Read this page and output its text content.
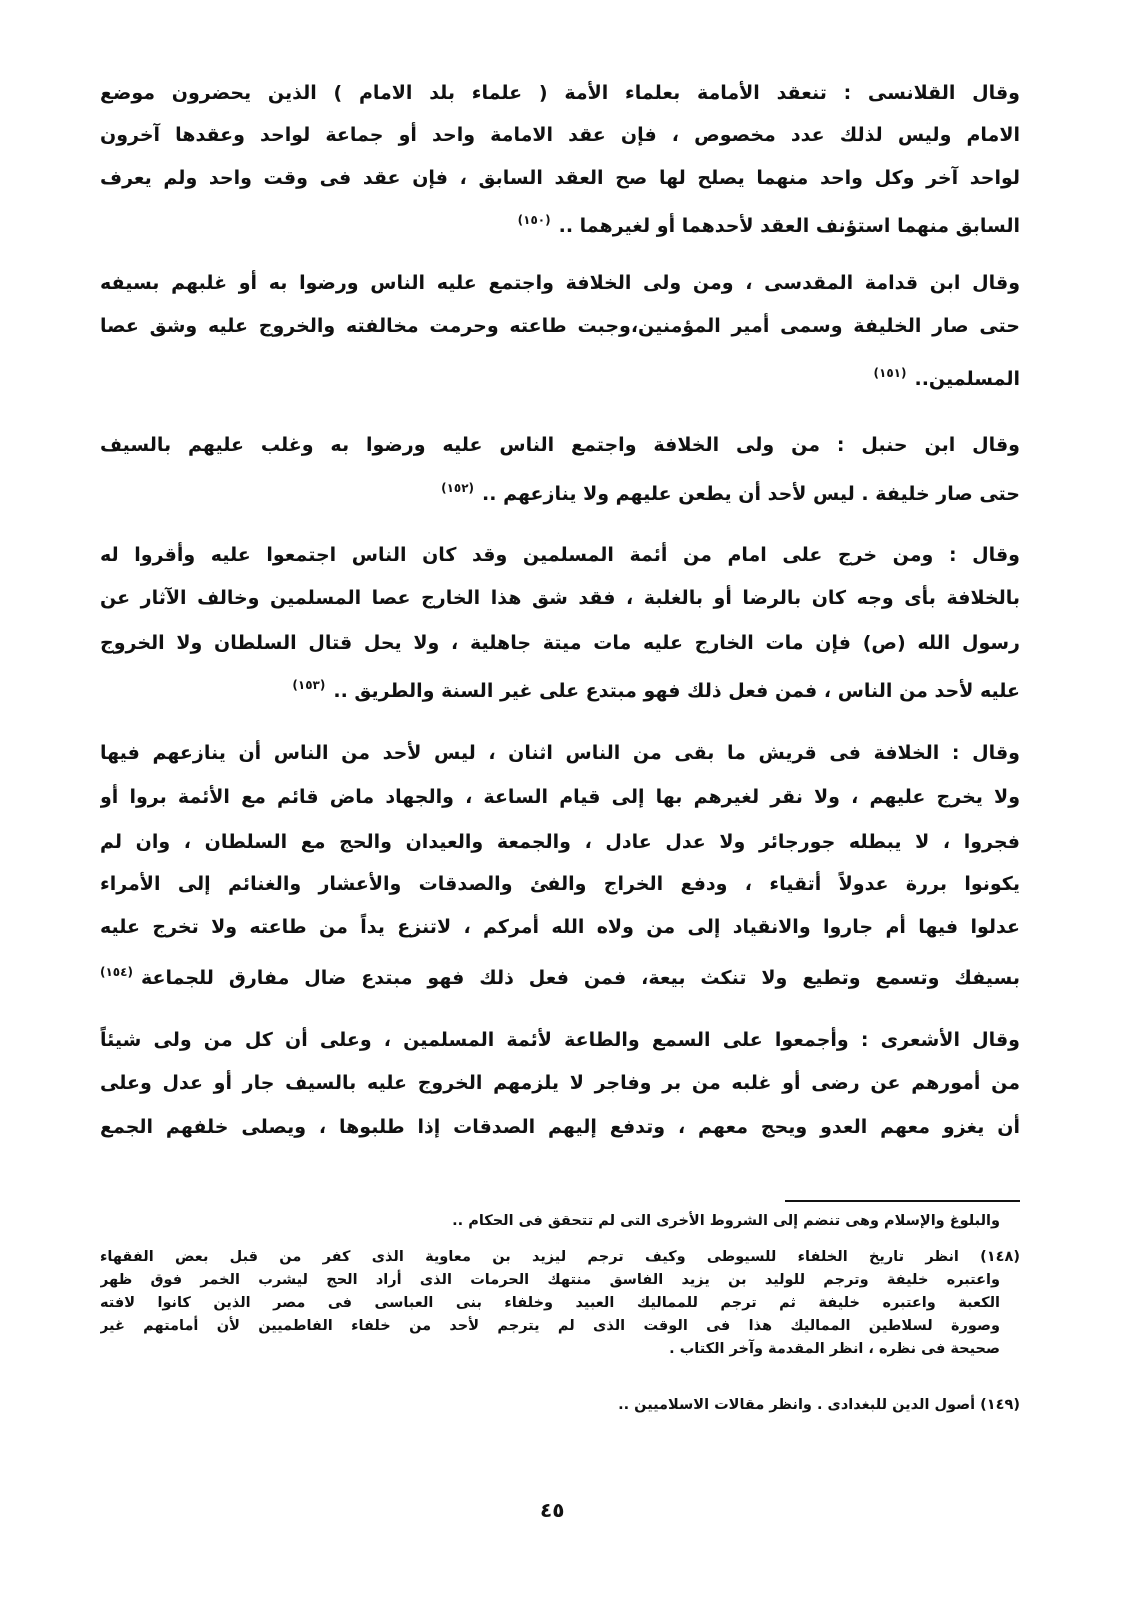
وقال القلانسى : تنعقد الأمامة بعلماء الأمة ( علماء بلد الامام ) الذين يحضرون موضع
الامام وليس لذلك عدد مخصوص ، فإن عقد الامامة واحد أو جماعة لواحد وعقدها آخرون
لواحد آخر وكل واحد منهما يصلح لها صح العقد السابق ، فإن عقد فى وقت واحد ولم يعرف
السابق منهما استؤنف العقد لأحدهما أو لغيرهما ..$^{(١٥٠)}$
وقال ابن قدامة المقدسى ، ومن ولى الخلافة واجتمع عليه الناس ورضوا به أو غلبهم بسيفه
حتى صار الخليفة وسمى أمير المؤمنين،وجبت طاعته وحرمت مخالفته والخروج عليه وشق عصا
المسلمين..$^{(١٥١)}$
وقال ابن حنبل : من ولى الخلافة واجتمع الناس عليه ورضوا به وغلب عليهم بالسيف
حتى صار خليفة . ليس لأحد أن يطعن عليهم ولا ينازعهم ..$^{(١٥٢)}$
وقال : ومن خرج على امام من أئمة المسلمين وقد كان الناس اجتمعوا عليه وأقروا له
بالخلافة بأى وجه كان بالرضا أو بالغلبة ، فقد شق هذا الخارج عصا المسلمين وخالف الآثار عن
رسول الله (ص) فإن مات الخارج عليه مات ميتة جاهلية ، ولا يحل قتال السلطان ولا الخروج
عليه لأحد من الناس ، فمن فعل ذلك فهو مبتدع على غير السنة والطريق ..$^{(١٥٣)}$
وقال : الخلافة فى قريش ما بقى من الناس اثنان ، ليس لأحد من الناس أن ينازعهم فيها
ولا يخرج عليهم ، ولا نقر لغيرهم بها إلى قيام الساعة ، والجهاد ماض قائم مع الأئمة بروا أو
فجروا ، لا يبطله جورجائر ولا عدل عادل ، والجمعة والعيدان والحج مع السلطان ، وان لم
يكونوا بررة عدولاً أتقياء ، ودفع الخراج والفئ والصدقات والأعشار والغنائم إلى الأمراء
عدلوا فيها أم جاروا والانقياد إلى من ولاه الله أمركم ، لاتنزع يداً من طاعته ولا تخرج عليه
بسيفك وتسمع وتطيع ولا تنكث بيعة، فمن فعل ذلك فهو مبتدع ضال مفارق للجماعة$^{(١٥٤)}$
وقال الأشعرى : وأجمعوا على السمع والطاعة لأئمة المسلمين ، وعلى أن كل من ولى شيئاً
من أمورهم عن رضى أو غلبه من بر وفاجر لا يلزمهم الخروج عليه بالسيف جار أو عدل وعلى
أن يغزو معهم العدو ويحج معهم ، وتدفع إليهم الصدقات إذا طلبوها ، ويصلى خلفهم الجمع
والبلوغ والإسلام وهى تنضم إلى الشروط الأخرى التى لم تتحقق فى الحكام ..
(١٤٨) انظر تاريخ الخلفاء للسيوطى وكيف ترجم ليزيد بن معاوية الذى كفر من قبل بعض الفقهاء
واعتبره خليفة وترجم للوليد بن يزيد الفاسق منتهك الحرمات الذى أراد الحج ليشرب الخمر فوق ظهر
الكعبة واعتبره خليفة ثم ترجم للمماليك العبيد وخلفاء بنى العباسى فى مصر الذين كانوا لافته
وصورة لسلاطين المماليك هذا فى الوقت الذى لم يترجم لأحد من خلفاء الفاطميين لأن أمامتهم غير
صحيحة فى نظره ، انظر المقدمة وآخر الكتاب .
(١٤٩) أصول الدين للبغدادى . وانظر مقالات الاسلاميين ..
٤٥
